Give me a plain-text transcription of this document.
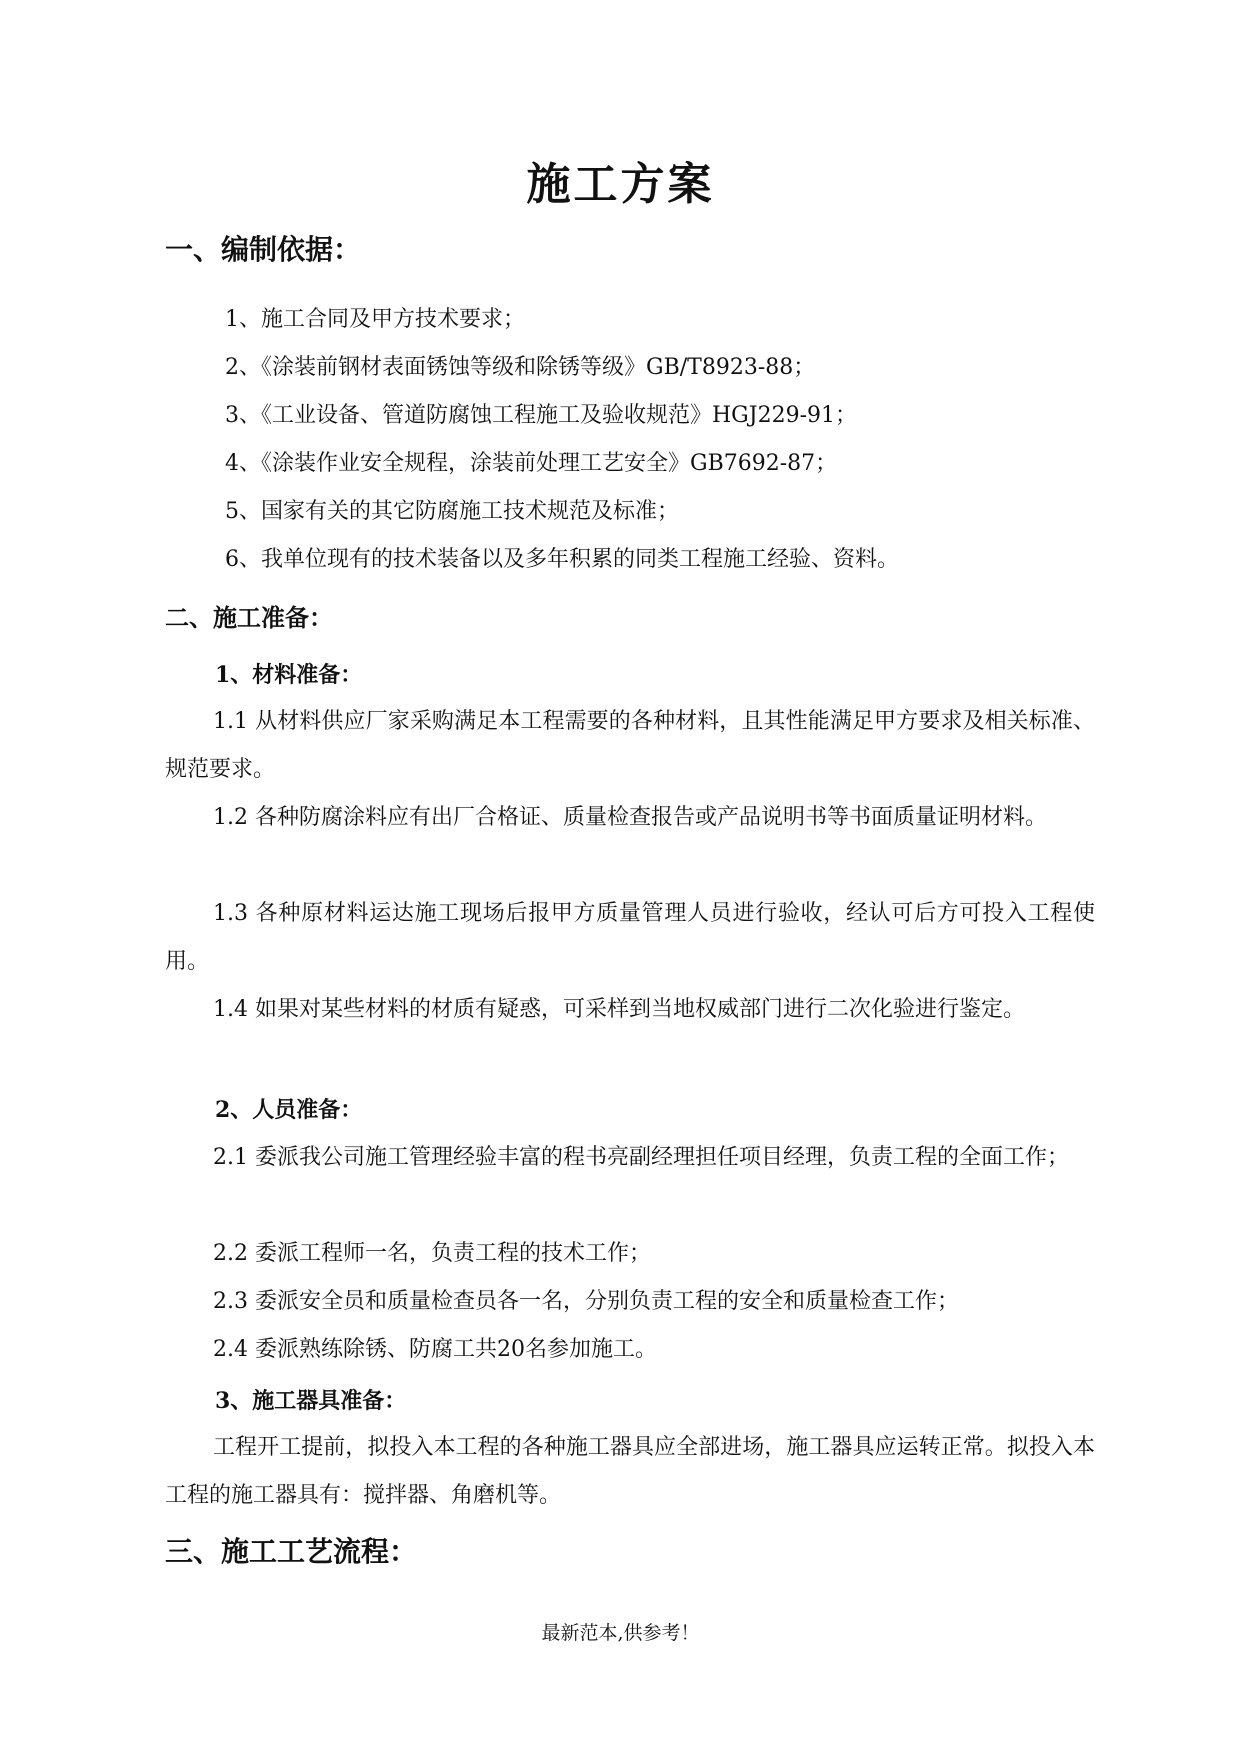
施工方案
一、编制依据：

1、施工合同及甲方技术要求；

2、《涂装前钢材表面锈蚀等级和除锈等级》GB/T8923-88；

3、《工业设备、管道防腐蚀工程施工及验收规范》HGJ229-91；

4、《涂装作业安全规程，涂装前处理工艺安全》GB7692-87；

5、国家有关的其它防腐施工技术规范及标准；

6、我单位现有的技术装备以及多年积累的同类工程施工经验、资料。

二、施工准备：
1、材料准备：

1.1 从材料供应厂家采购满足本工程需要的各种材料，且其性能满足甲方要求及相关标准、规范要求。

1.2 各种防腐涂料应有出厂合格证、质量检查报告或产品说明书等书面质量证明材料。

1.3 各种原材料运达施工现场后报甲方质量管理人员进行验收，经认可后方可投入工程使用。

1.4 如果对某些材料的材质有疑惑，可采样到当地权威部门进行二次化验进行鉴定。

2、人员准备：

2.1 委派我公司施工管理经验丰富的程书亮副经理担任项目经理，负责工程的全面工作；

2.2 委派工程师一名，负责工程的技术工作；

2.3 委派安全员和质量检查员各一名，分别负责工程的安全和质量检查工作；

2.4 委派熟练除锈、防腐工共20名参加施工。

3、施工器具准备：

工程开工提前，拟投入本工程的各种施工器具应全部进场，施工器具应运转正常。拟投入本工程的施工器具有：搅拌器、角磨机等。

三、施工工艺流程：

最新范本,供参考！
